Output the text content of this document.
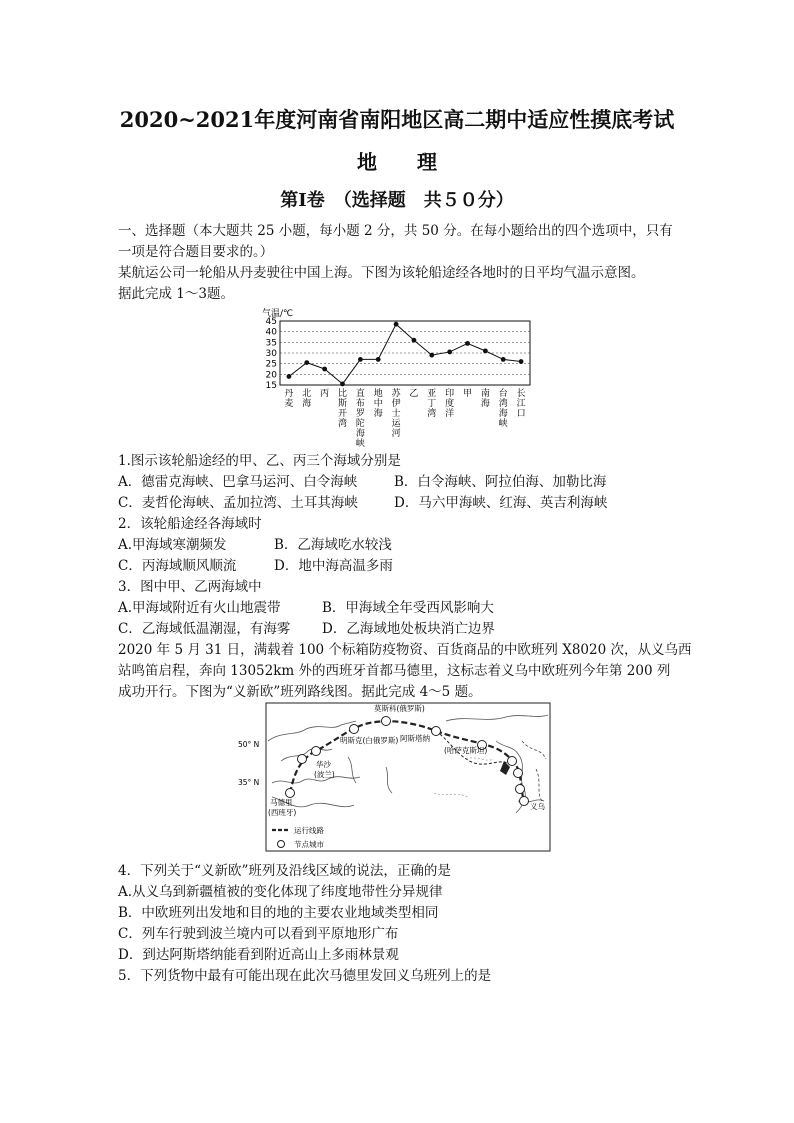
2020~2021年度河南省南阳地区高二期中适应性摸底考试
地　　理
第Ⅰ卷　（选择题　共５０分）
一、选择题（本大题共 25 小题，每小题 2 分，共 50 分。在每小题给出的四个选项中，只有
一项是符合题目要求的。）
某航运公司一轮船从丹麦驶往中国上海。下图为该轮船途经各地时的日平均气温示意图。
据此完成 1～3题。
气温/℃
45
40
35
30
25
20
15
丹麦
北海
丙 比斯开湾
直布罗陀海峡
地中海
苏伊士运河
乙 亚丁湾
印度洋
甲 南海
台湾海峡
长江口
1.图示该轮船途经的甲、乙、丙三个海域分别是
A．德雷克海峡、巴拿马运河、白令海峡	B．白令海峡、阿拉伯海、加勒比海
C．麦哲伦海峡、孟加拉湾、土耳其海峡	D．马六甲海峡、红海、英吉利海峡
2．该轮船途经各海域时
A.甲海域寒潮频发	B．乙海域吃水较浅
C．丙海域顺风顺流	D．地中海高温多雨
3．图中甲、乙两海域中
A.甲海域附近有火山地震带	B．甲海域全年受西风影响大
C．乙海域低温潮湿，有海雾 D．乙海域地处板块消亡边界
2020 年 5 月 31 日，满载着 100 个标箱防疫物资、百货商品的中欧班列 X8020 次，从义乌西
站鸣笛启程，奔向 13052km 外的西班牙首都马德里，这标志着义乌中欧班列今年第 200 列
成功开行。下图为“义新欧”班列路线图。据此完成 4～5 题。
50° N
35° N
莫斯科(俄罗斯)
明斯克(白俄罗斯) 阿斯塔纳
(哈萨克斯坦)
华沙
(波兰)
马德里
(西班牙)
义乌
运行线路
节点城市
4．下列关于“义新欧”班列及沿线区域的说法，正确的是
A.从义乌到新疆植被的变化体现了纬度地带性分异规律
B．中欧班列出发地和目的地的主要农业地域类型相同
C．列车行驶到波兰境内可以看到平原地形广布
D．到达阿斯塔纳能看到附近高山上多雨林景观
5．下列货物中最有可能出现在此次马德里发回义乌班列上的是
